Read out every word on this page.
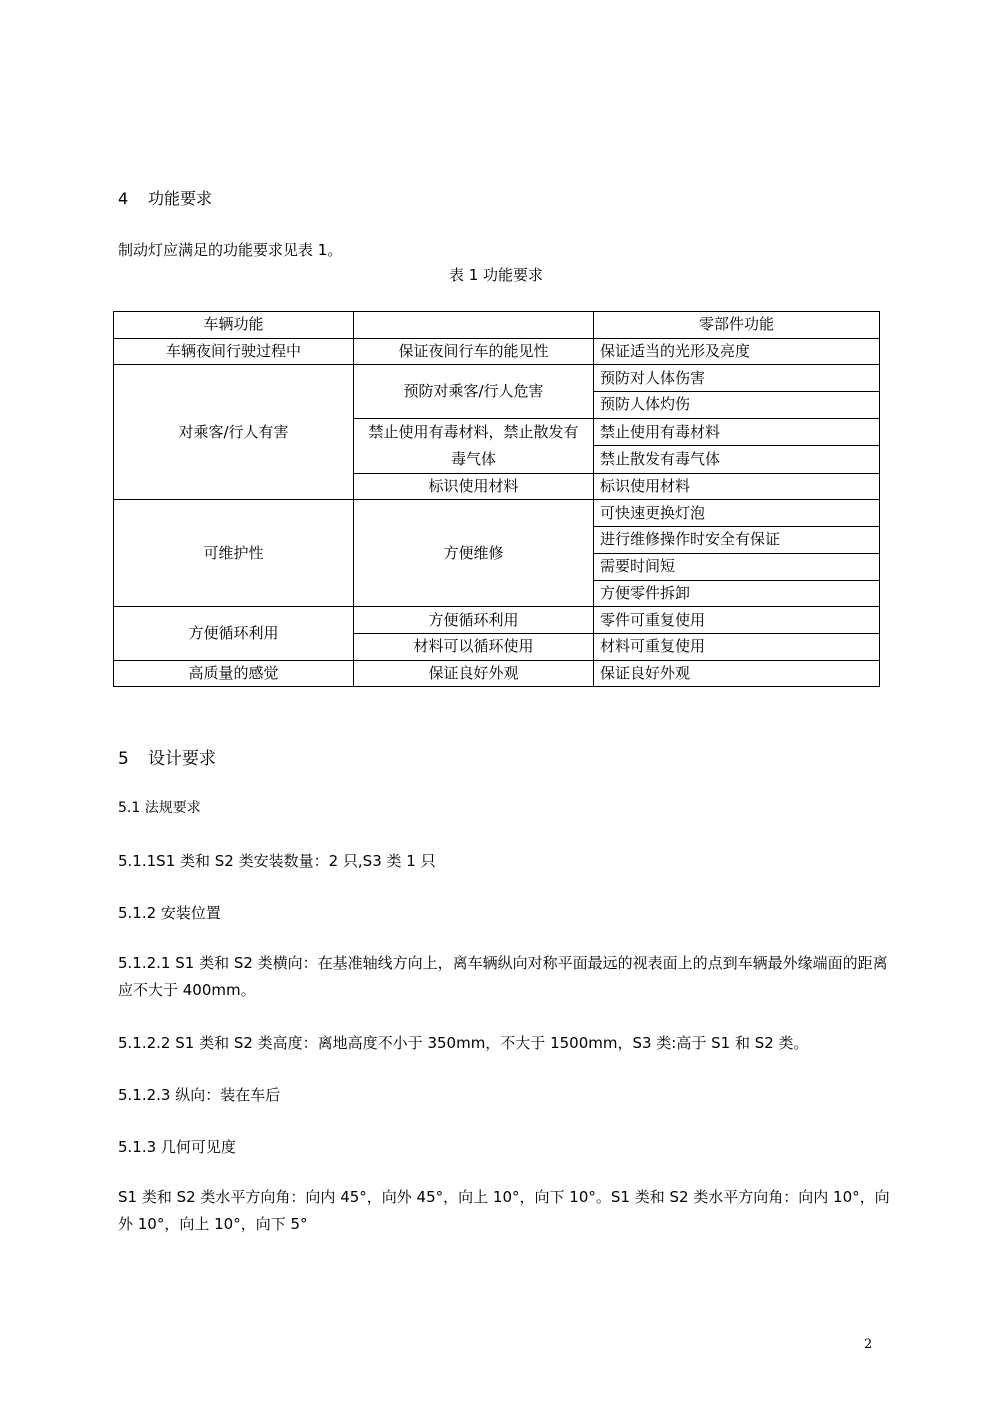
4 功能要求

制动灯应满足的功能要求见表 1。

表 1 功能要求

车辆功能		零部件功能
车辆夜间行驶过程中	保证夜间行车的能见性	保证适当的光形及亮度
对乘客/行人有害	预防对乘客/行人危害	预防对人体伤害
		预防人体灼伤
	禁止使用有毒材料，禁止散发有毒气体	禁止使用有毒材料
		禁止散发有毒气体
	标识使用材料	标识使用材料
可维护性	方便维修	可快速更换灯泡
		进行维修操作时安全有保证
		需要时间短
		方便零件拆卸
方便循环利用	方便循环利用	零件可重复使用
	材料可以循环使用	材料可重复使用
高质量的感觉	保证良好外观	保证良好外观
5 设计要求

5.1 法规要求

5.1.1S1 类和 S2 类安装数量：2 只,S3 类 1 只

5.1.2 安装位置

5.1.2.1 S1 类和 S2 类横向：在基准轴线方向上，离车辆纵向对称平面最远的视表面上的点到车辆最外缘端面的距离应不大于 400mm。

5.1.2.2 S1 类和 S2 类高度：离地高度不小于 350mm，不大于 1500mm，S3 类:高于 S1 和 S2 类。

5.1.2.3 纵向：装在车后

5.1.3 几何可见度

S1 类和 S2 类水平方向角：向内 45°，向外 45°，向上 10°，向下 10°。S1 类和 S2 类水平方向角：向内 10°，向外 10°，向上 10°，向下 5°

2
